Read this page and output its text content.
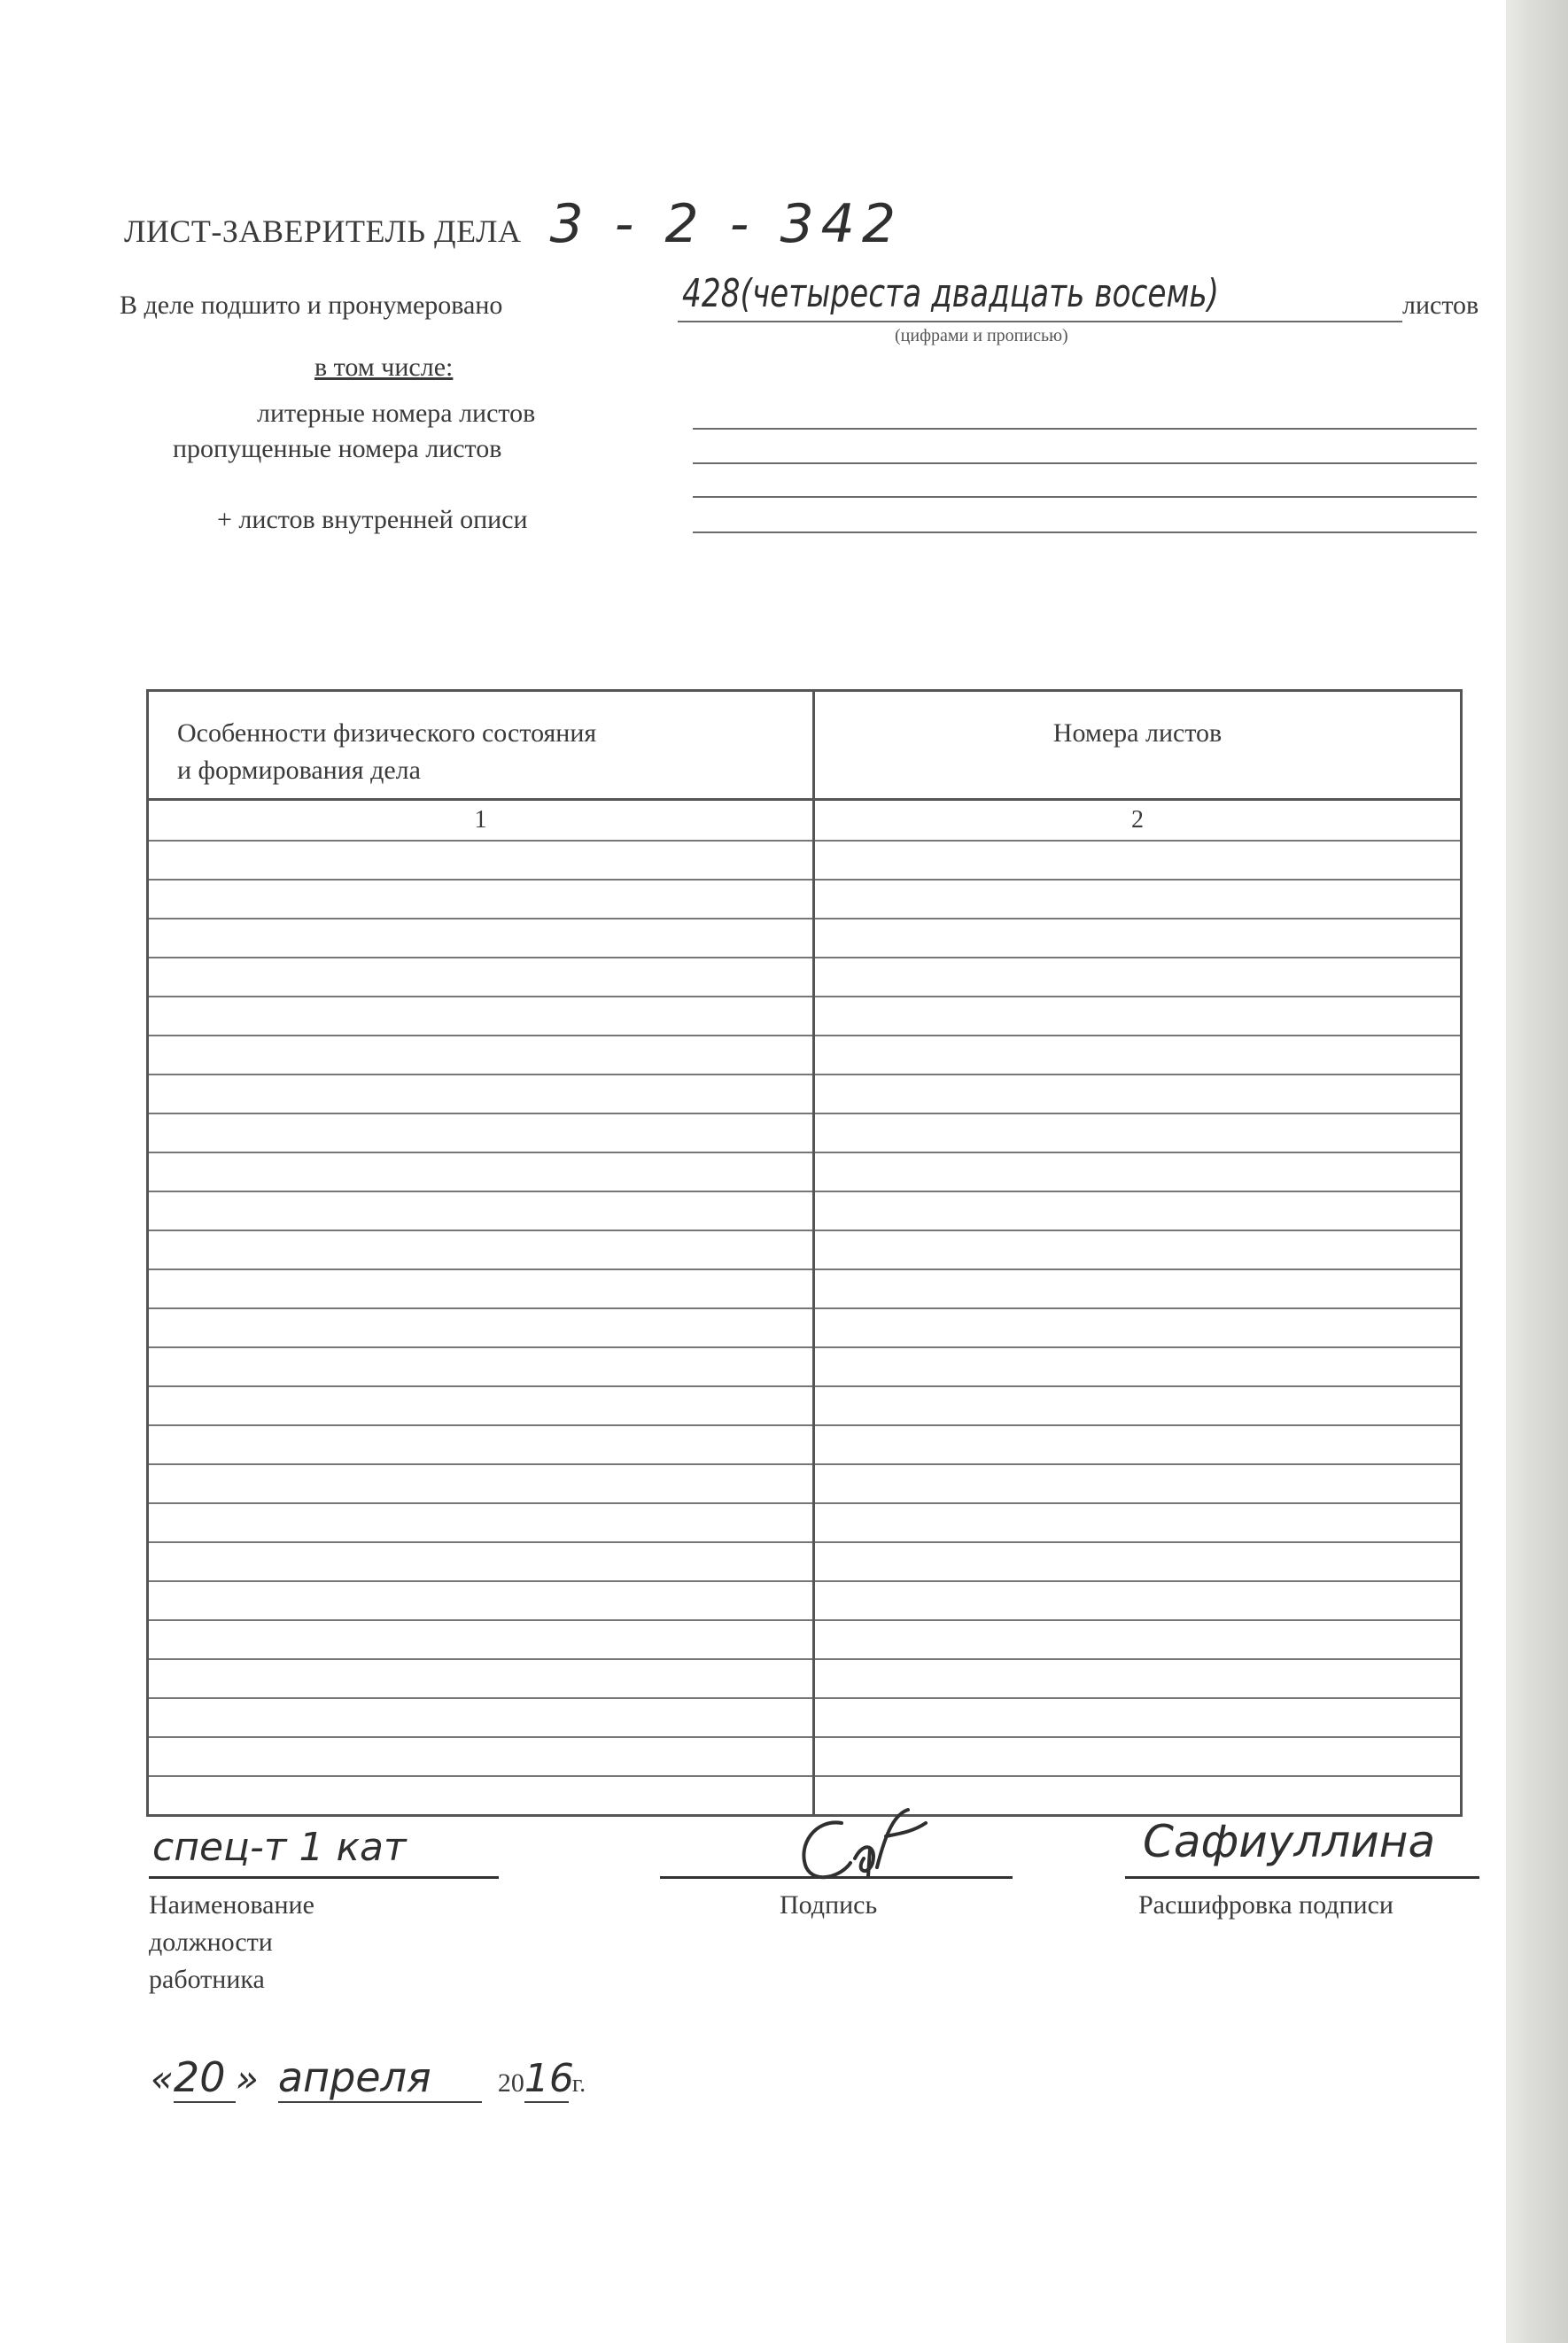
ЛИСТ-ЗАВЕРИТЕЛЬ ДЕЛА 3 - 2 - 342
В деле подшито и пронумеровано	428(четыреста двадцать восемь)	листов
(цифрами и прописью)
в том числе:
литерные номера листов
пропущенные номера листов
+ листов внутренней описи
Особенности физического состояния
и формирования дела	Номера листов

1	2

спец-т 1 кат
Наименование
должности
работника
Подпись
Сафиуллина
Расшифровка подписи
«20 » апреля	2016г.
